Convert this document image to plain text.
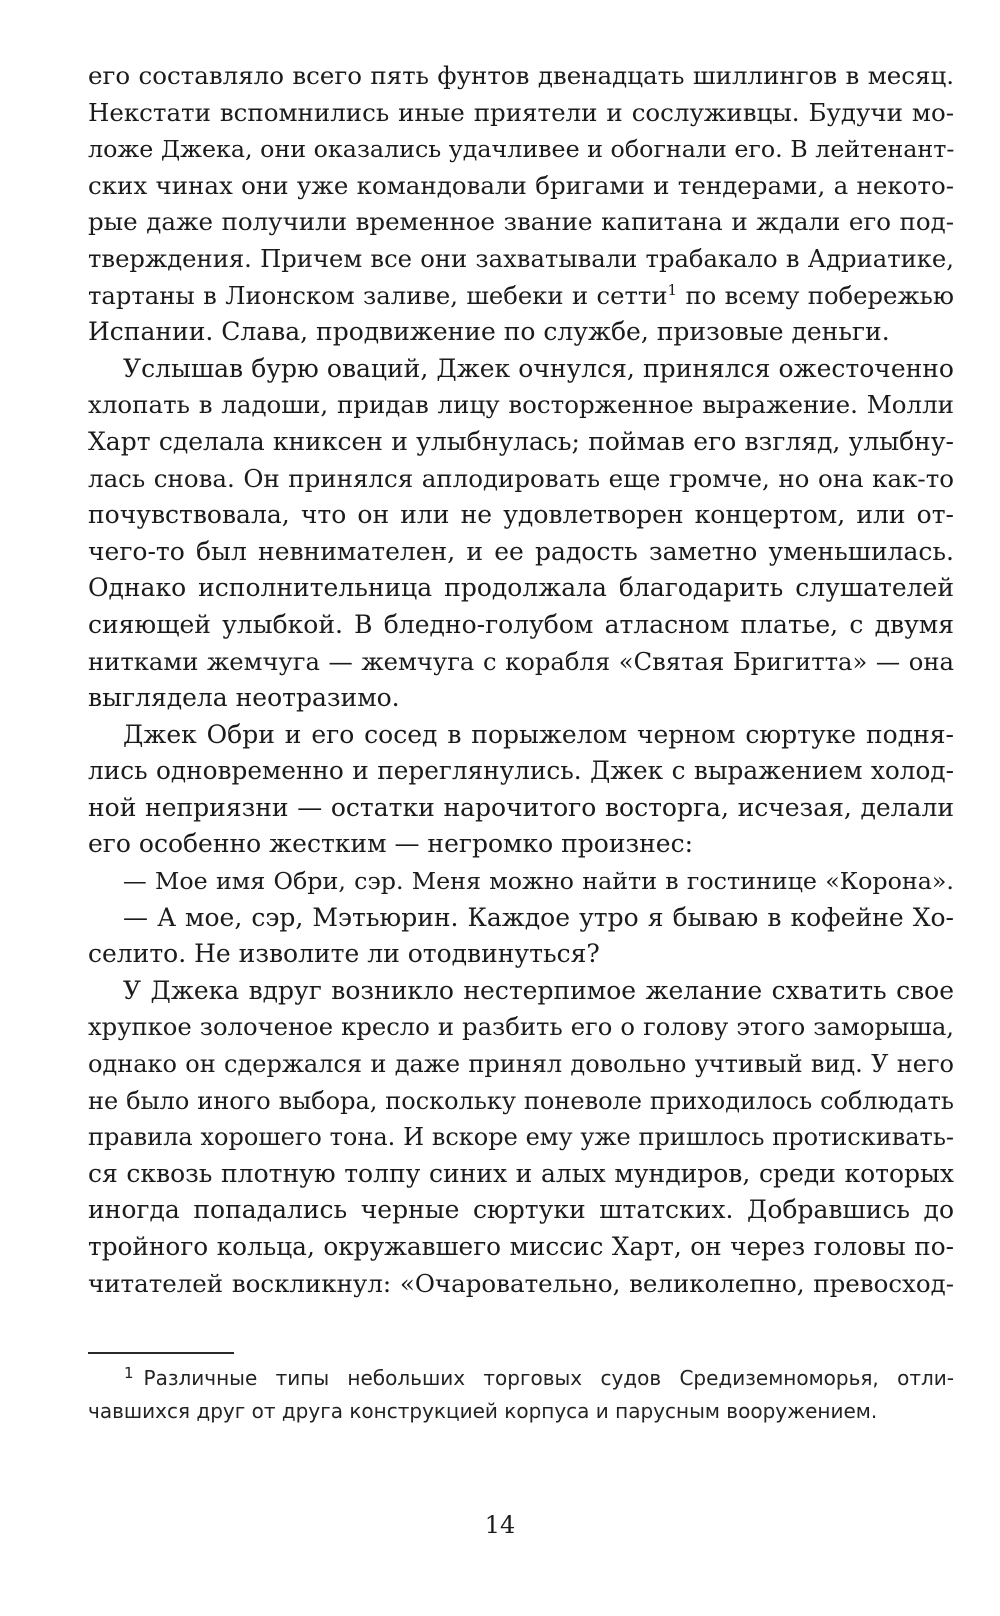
его составляло всего пять фунтов двенадцать шиллингов в месяц.
Некстати вспомнились иные приятели и сослуживцы. Будучи мо-
ложе Джека, они оказались удачливее и обогнали его. В лейтенант-
ских чинах они уже командовали бригами и тендерами, а некото-
рые даже получили временное звание капитана и ждали его под-
тверждения. Причем все они захватывали трабакало в Адриатике,
тартаны в Лионском заливе, шебеки и сетти$^1$ по всему побережью
Испании. Слава, продвижение по службе, призовые деньги.
Услышав бурю оваций, Джек очнулся, принялся ожесточенно
хлопать в ладоши, придав лицу восторженное выражение. Молли
Харт сделала книксен и улыбнулась; поймав его взгляд, улыбну-
лась снова. Он принялся аплодировать еще громче, но она как-то
почувствовала, что он или не удовлетворен концертом, или от-
чего-то был невнимателен, и ее радость заметно уменьшилась.
Однако исполнительница продолжала благодарить слушателей
сияющей улыбкой. В бледно-голубом атласном платье, с двумя
нитками жемчуга — жемчуга с корабля «Святая Бригитта» — она
выглядела неотразимо.
Джек Обри и его сосед в порыжелом черном сюртуке подня-
лись одновременно и переглянулись. Джек с выражением холод-
ной неприязни — остатки нарочитого восторга, исчезая, делали
его особенно жестким — негромко произнес:
— Мое имя Обри, сэр. Меня можно найти в гостинице «Корона».
— А мое, сэр, Мэтьюрин. Каждое утро я бываю в кофейне Хо-
селито. Не изволите ли отодвинуться?
У Джека вдруг возникло нестерпимое желание схватить свое
хрупкое золоченое кресло и разбить его о голову этого заморыша,
однако он сдержался и даже принял довольно учтивый вид. У него
не было иного выбора, поскольку поневоле приходилось соблюдать
правила хорошего тона. И вскоре ему уже пришлось протискивать-
ся сквозь плотную толпу синих и алых мундиров, среди которых
иногда попадались черные сюртуки штатских. Добравшись до
тройного кольца, окружавшего миссис Харт, он через головы по-
читателей воскликнул: «Очаровательно, великолепно, превосход-
1 Различные типы небольших торговых судов Средиземноморья, отли-
чавшихся друг от друга конструкцией корпуса и парусным вооружением.
14
